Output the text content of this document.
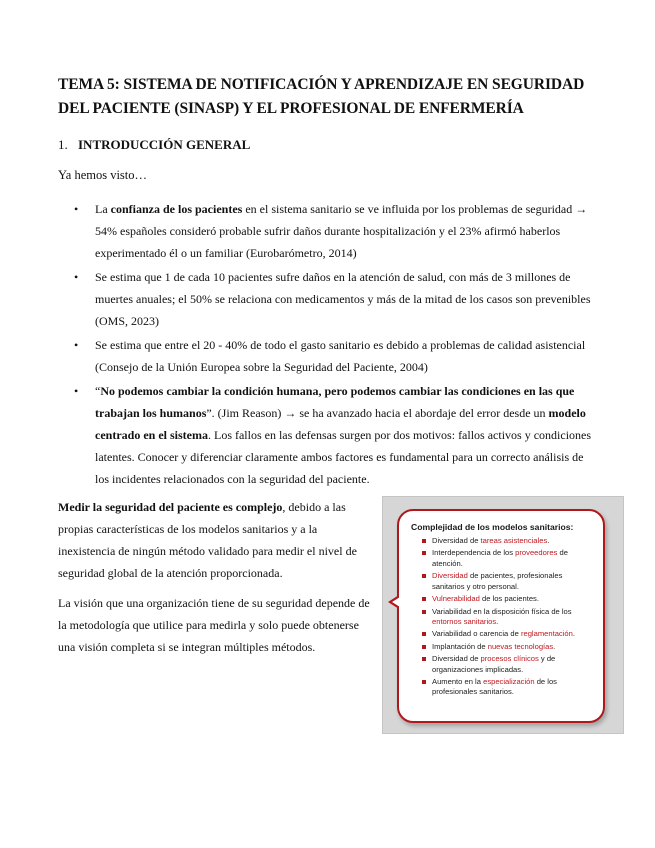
TEMA 5: SISTEMA DE NOTIFICACIÓN Y APRENDIZAJE EN SEGURIDAD DEL PACIENTE (SINASP) Y EL PROFESIONAL DE ENFERMERÍA
1. INTRODUCCIÓN GENERAL
Ya hemos visto…
• La confianza de los pacientes en el sistema sanitario se ve influida por los problemas de seguridad → 54% españoles consideró probable sufrir daños durante hospitalización y el 23% afirmó haberlos experimentado él o un familiar (Eurobarómetro, 2014)
• Se estima que 1 de cada 10 pacientes sufre daños en la atención de salud, con más de 3 millones de muertes anuales; el 50% se relaciona con medicamentos y más de la mitad de los casos son prevenibles (OMS, 2023)
• Se estima que entre el 20 - 40% de todo el gasto sanitario es debido a problemas de calidad asistencial (Consejo de la Unión Europea sobre la Seguridad del Paciente, 2004)
• “No podemos cambiar la condición humana, pero podemos cambiar las condiciones en las que trabajan los humanos”. (Jim Reason) → se ha avanzado hacia el abordaje del error desde un modelo centrado en el sistema. Los fallos en las defensas surgen por dos motivos: fallos activos y condiciones latentes. Conocer y diferenciar claramente ambos factores es fundamental para un correcto análisis de los incidentes relacionados con la seguridad del paciente.

Medir la seguridad del paciente es complejo, debido a las propias características de los modelos sanitarios y a la inexistencia de ningún método validado para medir el nivel de seguridad global de la atención proporcionada.

La visión que una organización tiene de su seguridad depende de la metodología que utilice para medirla y solo puede obtenerse una visión completa si se integran múltiples métodos.

Complejidad de los modelos sanitarios:
Diversidad de tareas asistenciales.
Interdependencia de los proveedores de atención.
Diversidad de pacientes, profesionales sanitarios y otro personal.
Vulnerabilidad de los pacientes.
Variabilidad en la disposición física de los entornos sanitarios.
Variabilidad o carencia de reglamentación.
Implantación de nuevas tecnologías.
Diversidad de procesos clínicos y de organizaciones implicadas.
Aumento en la especialización de los profesionales sanitarios.
